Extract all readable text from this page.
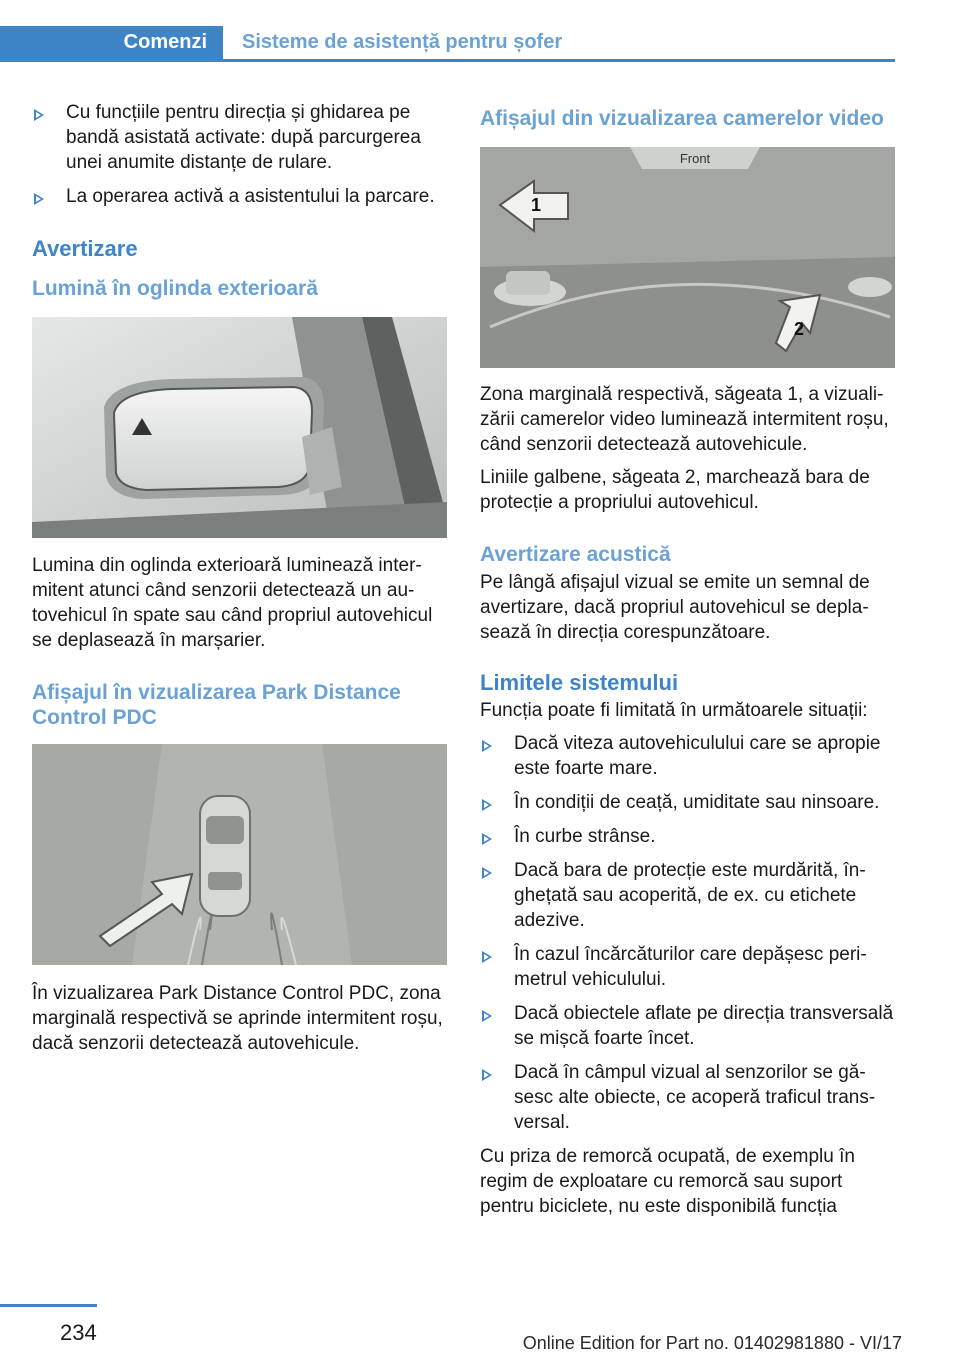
Comenzi Sisteme de asistență pentru șofer
Cu funcțiile pentru direcția și ghidarea pe bandă asistată activate: după parcurgerea unei anumite distanțe de rulare.
La operarea activă a asistentului la parcare.
Avertizare
Lumină în oglinda exterioară

Lumina din oglinda exterioară luminează intermitent atunci când senzorii detectează un autovehicul în spate sau când propriul autovehicul se deplasează în marșarier.

Afișajul în vizualizarea Park Distance Control PDC

În vizualizarea Park Distance Control PDC, zona marginală respectivă se aprinde intermitent roșu, dacă senzorii detectează autovehicule.

Afișajul din vizualizarea camerelor video
Front
1
2

Zona marginală respectivă, săgeata 1, a vizualizării camerelor video luminează intermitent roșu, când senzorii detectează autovehicule.

Liniile galbene, săgeata 2, marchează bara de protecție a propriului autovehicul.

Avertizare acustică

Pe lângă afișajul vizual se emite un semnal de avertizare, dacă propriul autovehicul se deplasează în direcția corespunzătoare.

Limitele sistemului

Funcția poate fi limitată în următoarele situații:

Dacă viteza autovehiculului care se apropie este foarte mare.
În condiții de ceață, umiditate sau ninsoare.
În curbe strânse.
Dacă bara de protecție este murdărită, înghețată sau acoperită, de ex. cu etichete adezive.
În cazul încărcăturilor care depășesc perimetrul vehiculului.
Dacă obiectele aflate pe direcția transversală se mișcă foarte încet.
Dacă în câmpul vizual al senzorilor se găsesc alte obiecte, ce acoperă traficul transversal.

Cu priza de remorcă ocupată, de exemplu în regim de exploatare cu remorcă sau suport pentru biciclete, nu este disponibilă funcția

234	Online Edition for Part no. 01402981880 - VI/17
